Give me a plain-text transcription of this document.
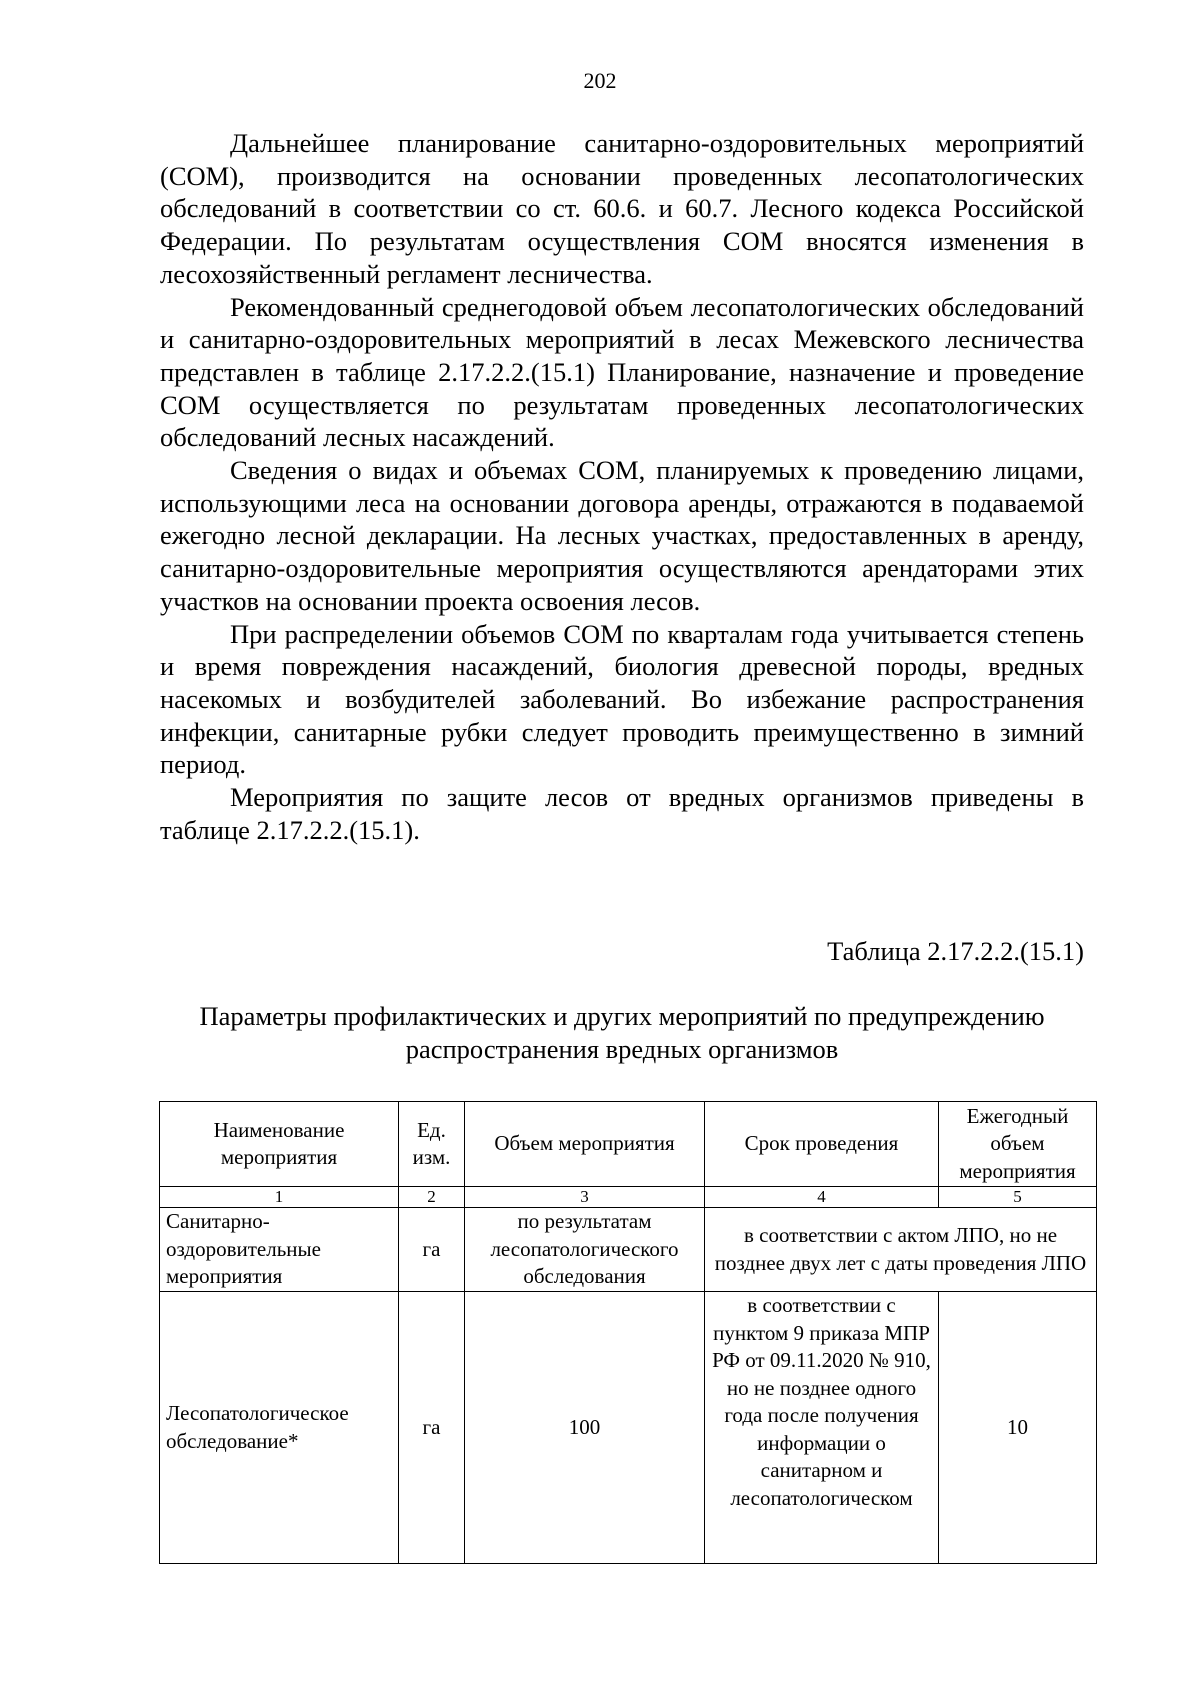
202

Дальнейшее планирование санитарно-оздоровительных мероприятий (СОМ), производится на основании проведенных лесопатологических обследований в соответствии со ст. 60.6. и 60.7. Лесного кодекса Российской Федерации. По результатам осуществления СОМ вносятся изменения в лесохозяйственный регламент лесничества.

Рекомендованный среднегодовой объем лесопатологических обследований и санитарно-оздоровительных мероприятий в лесах Межевского лесничества представлен в таблице 2.17.2.2.(15.1) Планирование, назначение и проведение СОМ осуществляется по результатам проведенных лесопатологических обследований лесных насаждений.

Сведения о видах и объемах СОМ, планируемых к проведению лицами, использующими леса на основании договора аренды, отражаются в подаваемой ежегодно лесной декларации. На лесных участках, предоставленных в аренду, санитарно-оздоровительные мероприятия осуществляются арендаторами этих участков на основании проекта освоения лесов.

При распределении объемов СОМ по кварталам года учитывается степень и время повреждения насаждений, биология древесной породы, вредных насекомых и возбудителей заболеваний. Во избежание распространения инфекции, санитарные рубки следует проводить преимущественно в зимний период.

Мероприятия по защите лесов от вредных организмов приведены в таблице 2.17.2.2.(15.1).

Таблица 2.17.2.2.(15.1)
Параметры профилактических и других мероприятий по предупреждению
распространения вредных организмов
Наименование мероприятия	Ед. изм.	Объем мероприятия	Срок проведения	Ежегодный объем мероприятия
1	2	3	4	5
Санитарно-оздоровительные мероприятия	га	по результатам лесопатологического обследования	в соответствии с актом ЛПО, но не позднее двух лет с даты проведения ЛПО	
Лесопатологическое обследование*	га	100	в соответствии с пунктом 9 приказа МПР РФ от 09.11.2020 № 910, но не позднее одного года после получения информации о санитарном и лесопатологическом	10
